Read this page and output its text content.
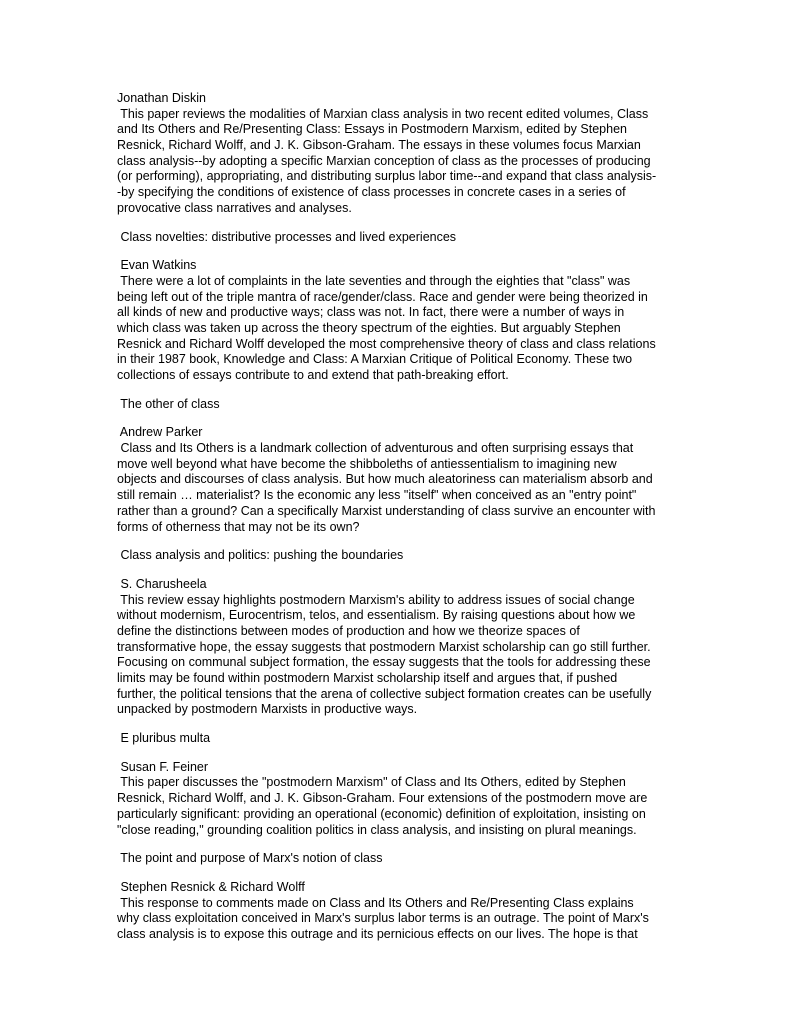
Jonathan Diskin
This paper reviews the modalities of Marxian class analysis in two recent edited volumes, Class
and Its Others and Re/Presenting Class: Essays in Postmodern Marxism, edited by Stephen
Resnick, Richard Wolff, and J. K. Gibson-Graham. The essays in these volumes focus Marxian
class analysis--by adopting a specific Marxian conception of class as the processes of producing
(or performing), appropriating, and distributing surplus labor time--and expand that class analysis-
-by specifying the conditions of existence of class processes in concrete cases in a series of
provocative class narratives and analyses.
Class novelties: distributive processes and lived experiences
Evan Watkins
There were a lot of complaints in the late seventies and through the eighties that "class" was
being left out of the triple mantra of race/gender/class. Race and gender were being theorized in
all kinds of new and productive ways; class was not. In fact, there were a number of ways in
which class was taken up across the theory spectrum of the eighties. But arguably Stephen
Resnick and Richard Wolff developed the most comprehensive theory of class and class relations
in their 1987 book, Knowledge and Class: A Marxian Critique of Political Economy. These two
collections of essays contribute to and extend that path-breaking effort.
The other of class
Andrew Parker
Class and Its Others is a landmark collection of adventurous and often surprising essays that
move well beyond what have become the shibboleths of antiessentialism to imagining new
objects and discourses of class analysis. But how much aleatoriness can materialism absorb and
still remain … materialist? Is the economic any less "itself" when conceived as an "entry point"
rather than a ground? Can a specifically Marxist understanding of class survive an encounter with
forms of otherness that may not be its own?
Class analysis and politics: pushing the boundaries
S. Charusheela
This review essay highlights postmodern Marxism's ability to address issues of social change
without modernism, Eurocentrism, telos, and essentialism. By raising questions about how we
define the distinctions between modes of production and how we theorize spaces of
transformative hope, the essay suggests that postmodern Marxist scholarship can go still further.
Focusing on communal subject formation, the essay suggests that the tools for addressing these
limits may be found within postmodern Marxist scholarship itself and argues that, if pushed
further, the political tensions that the arena of collective subject formation creates can be usefully
unpacked by postmodern Marxists in productive ways.
E pluribus multa
Susan F. Feiner
This paper discusses the "postmodern Marxism" of Class and Its Others, edited by Stephen
Resnick, Richard Wolff, and J. K. Gibson-Graham. Four extensions of the postmodern move are
particularly significant: providing an operational (economic) definition of exploitation, insisting on
"close reading," grounding coalition politics in class analysis, and insisting on plural meanings.
The point and purpose of Marx's notion of class
Stephen Resnick & Richard Wolff
This response to comments made on Class and Its Others and Re/Presenting Class explains
why class exploitation conceived in Marx's surplus labor terms is an outrage. The point of Marx's
class analysis is to expose this outrage and its pernicious effects on our lives. The hope is that
